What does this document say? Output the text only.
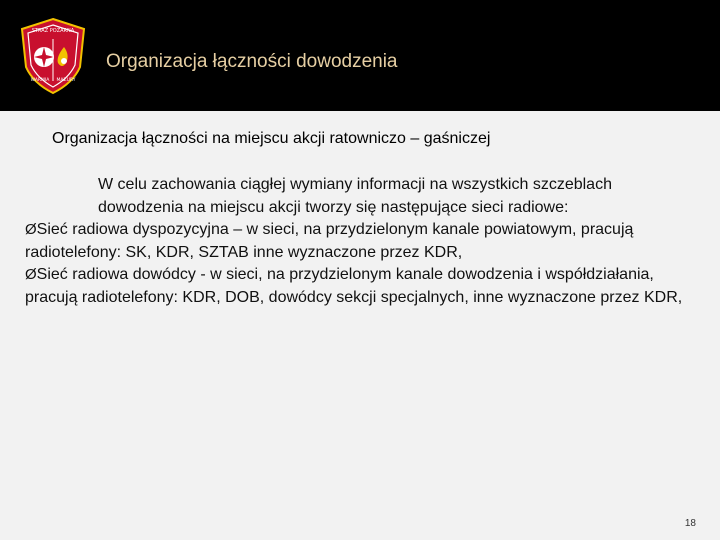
STRAŻ POŻARNA
WARMIA MAZURY
Organizacja łączności dowodzenia
Organizacja łączności na miejscu akcji ratowniczo – gaśniczej

W celu zachowania ciągłej wymiany informacji na wszystkich szczeblach dowodzenia na miejscu akcji tworzy się następujące sieci radiowe:

ØSieć radiowa dyspozycyjna – w sieci, na przydzielonym kanale powiatowym, pracują radiotelefony: SK, KDR, SZTAB inne wyznaczone przez KDR,

ØSieć radiowa dowódcy - w sieci, na przydzielonym kanale dowodzenia i współdziałania, pracują radiotelefony: KDR, DOB, dowódcy sekcji specjalnych, inne wyznaczone przez KDR,

18
